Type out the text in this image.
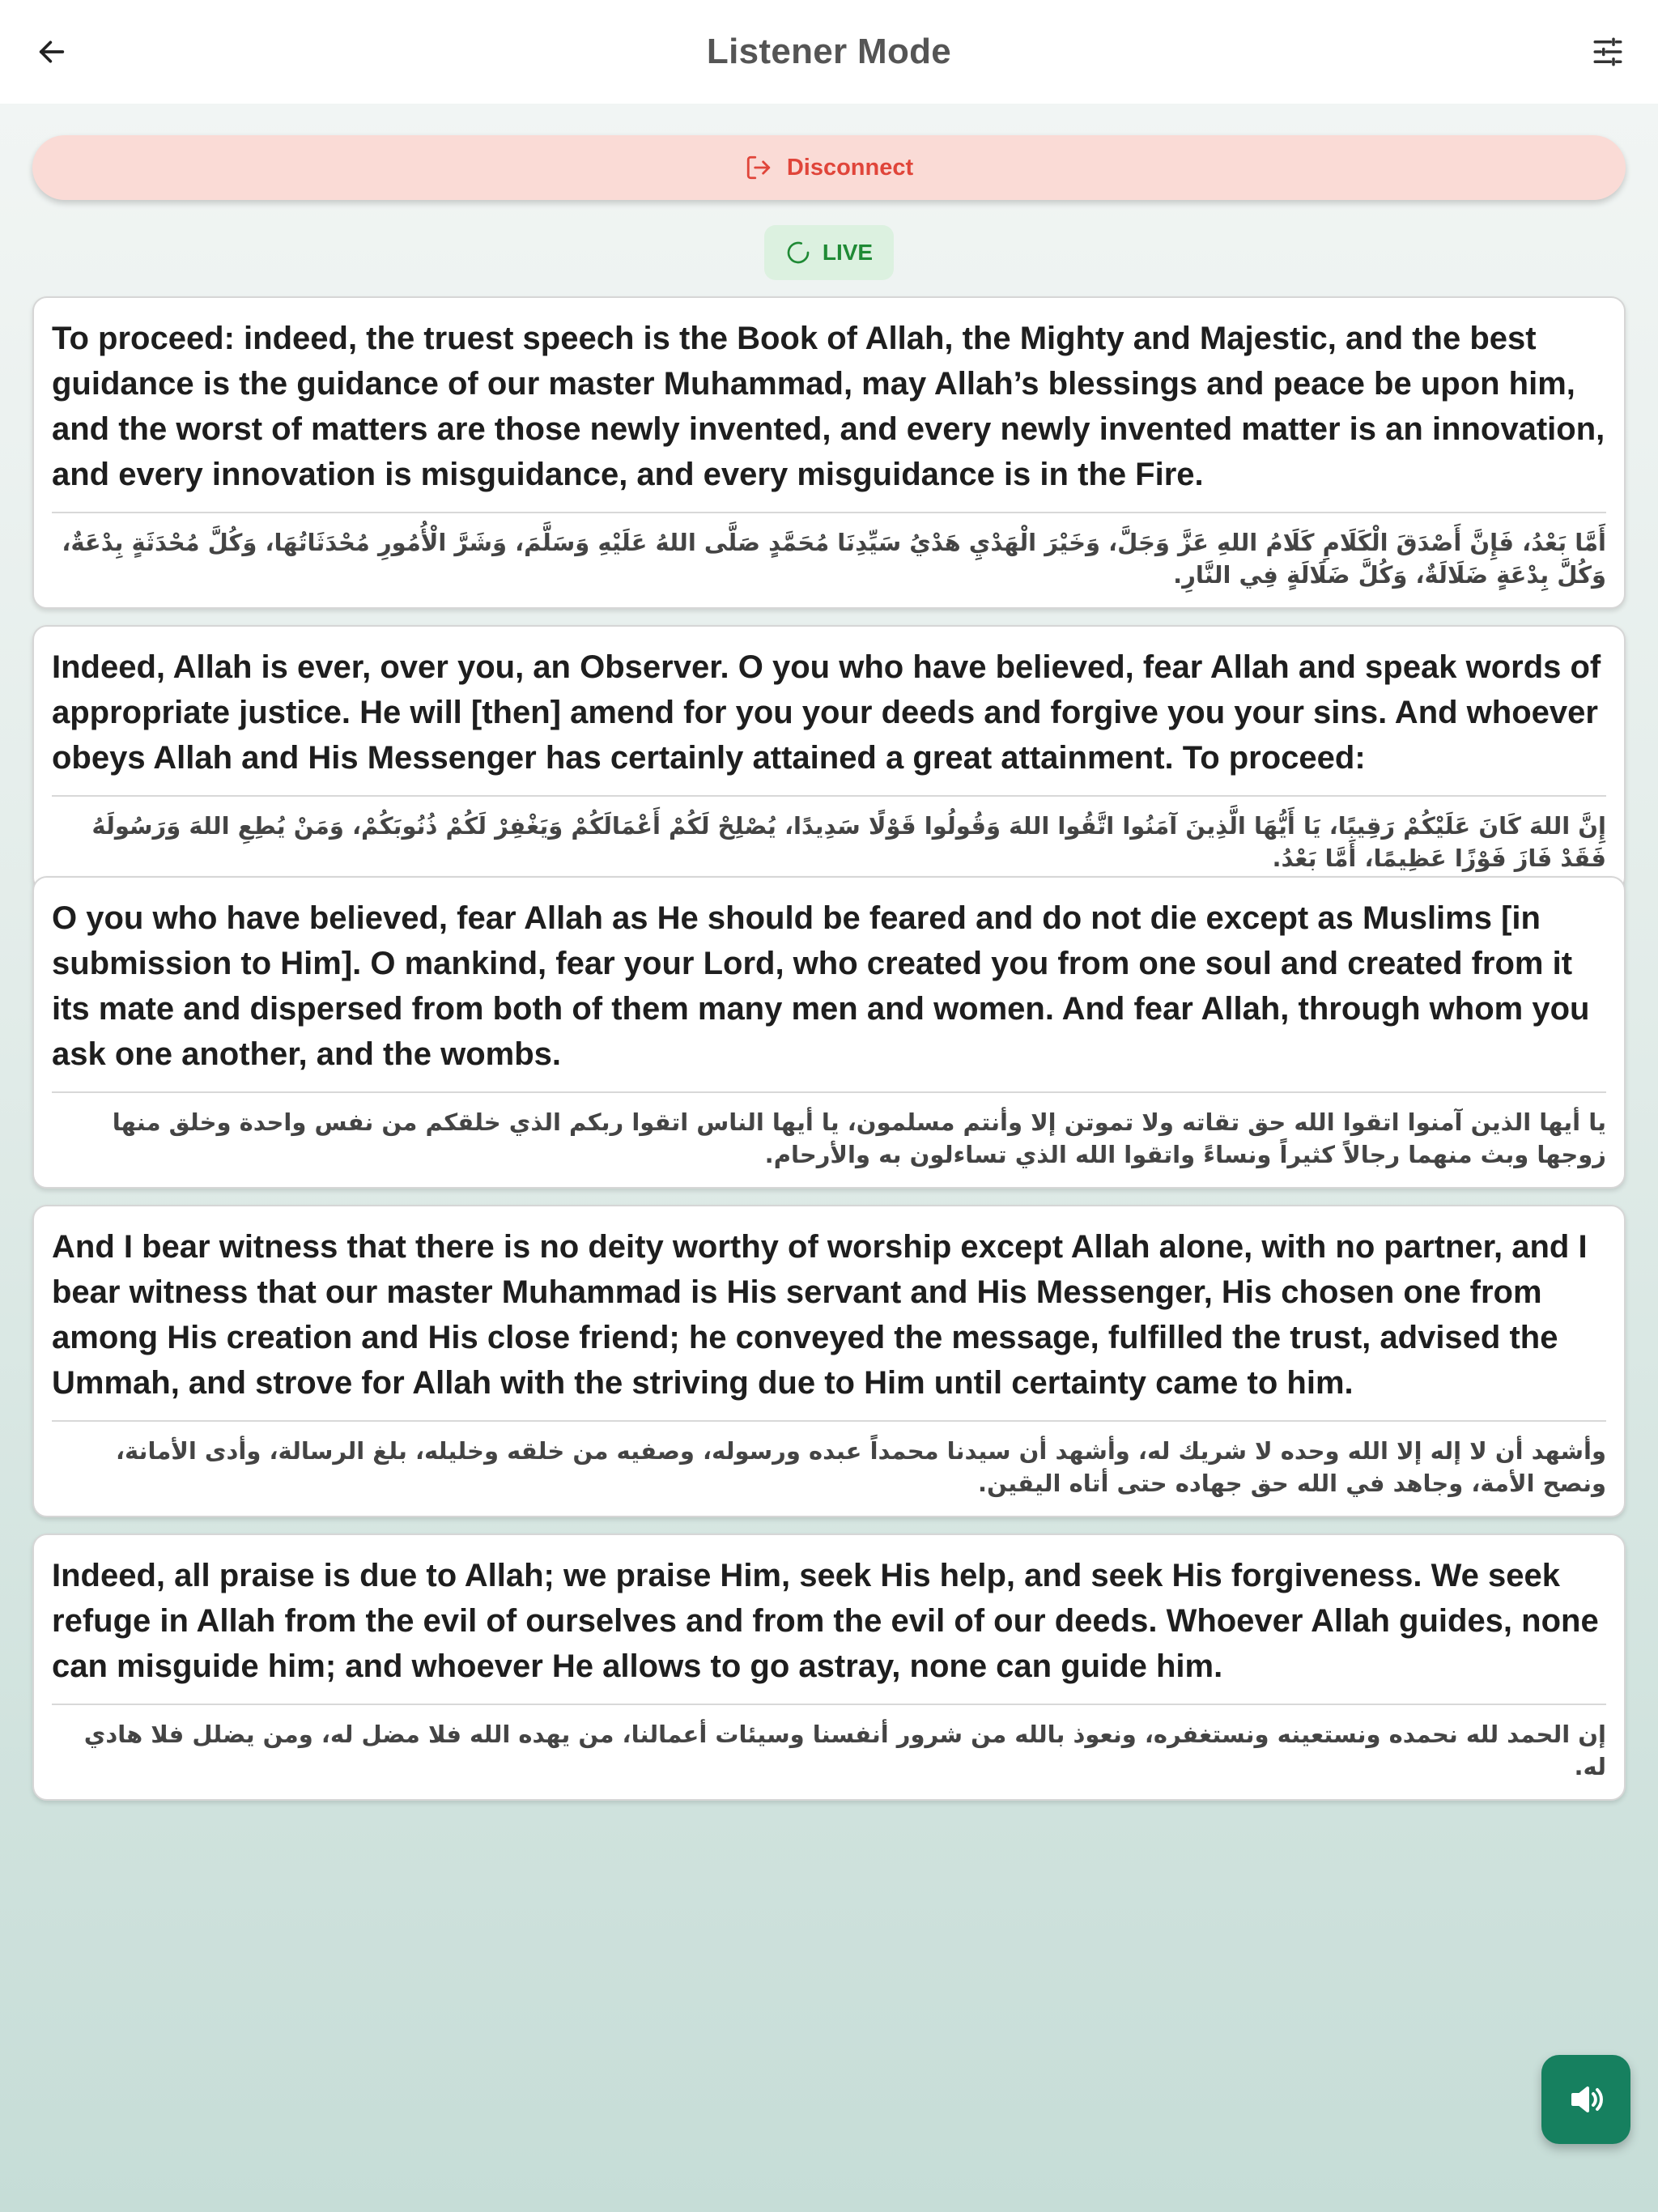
Listener Mode
Disconnect
LIVE
To proceed: indeed, the truest speech is the Book of Allah, the Mighty and Majestic, and the best guidance is the guidance of our master Muhammad, may Allah’s blessings and peace be upon him, and the worst of matters are those newly invented, and every newly invented matter is an innovation, and every innovation is misguidance, and every misguidance is in the Fire.
أَمَّا بَعْدُ، فَإِنَّ أَصْدَقَ الْكَلَامِ كَلَامُ اللهِ عَزَّ وَجَلَّ، وَخَيْرَ الْهَدْيِ هَدْيُ سَيِّدِنَا مُحَمَّدٍ صَلَّى اللهُ عَلَيْهِ وَسَلَّمَ، وَشَرَّ الْأُمُورِ مُحْدَثَاتُهَا، وَكُلَّ مُحْدَثَةٍ بِدْعَةٌ، وَكُلَّ بِدْعَةٍ ضَلَالَةٌ، وَكُلَّ ضَلَالَةٍ فِي النَّارِ.
Indeed, Allah is ever, over you, an Observer. O you who have believed, fear Allah and speak words of appropriate justice. He will [then] amend for you your deeds and forgive you your sins. And whoever obeys Allah and His Messenger has certainly attained a great attainment. To proceed:
إِنَّ اللهَ كَانَ عَلَيْكُمْ رَقِيبًا، يَا أَيُّهَا الَّذِينَ آمَنُوا اتَّقُوا اللهَ وَقُولُوا قَوْلًا سَدِيدًا، يُصْلِحْ لَكُمْ أَعْمَالَكُمْ وَيَغْفِرْ لَكُمْ ذُنُوبَكُمْ، وَمَنْ يُطِعِ اللهَ وَرَسُولَهُ فَقَدْ فَازَ فَوْزًا عَظِيمًا، أَمَّا بَعْدُ.
O you who have believed, fear Allah as He should be feared and do not die except as Muslims [in submission to Him]. O mankind, fear your Lord, who created you from one soul and created from it its mate and dispersed from both of them many men and women. And fear Allah, through whom you ask one another, and the wombs.
يا أيها الذين آمنوا اتقوا الله حق تقاته ولا تموتن إلا وأنتم مسلمون، يا أيها الناس اتقوا ربكم الذي خلقكم من نفس واحدة وخلق منها زوجها وبث منهما رجالاً كثيراً ونساءً واتقوا الله الذي تساءلون به والأرحام.
And I bear witness that there is no deity worthy of worship except Allah alone, with no partner, and I bear witness that our master Muhammad is His servant and His Messenger, His chosen one from among His creation and His close friend; he conveyed the message, fulfilled the trust, advised the Ummah, and strove for Allah with the striving due to Him until certainty came to him.
وأشهد أن لا إله إلا الله وحده لا شريك له، وأشهد أن سيدنا محمداً عبده ورسوله، وصفيه من خلقه وخليله، بلغ الرسالة، وأدى الأمانة، ونصح الأمة، وجاهد في الله حق جهاده حتى أتاه اليقين.
Indeed, all praise is due to Allah; we praise Him, seek His help, and seek His forgiveness. We seek refuge in Allah from the evil of ourselves and from the evil of our deeds. Whoever Allah guides, none can misguide him; and whoever He allows to go astray, none can guide him.
إن الحمد لله نحمده ونستعينه ونستغفره، ونعوذ بالله من شرور أنفسنا وسيئات أعمالنا، من يهده الله فلا مضل له، ومن يضلل فلا هادي له.
